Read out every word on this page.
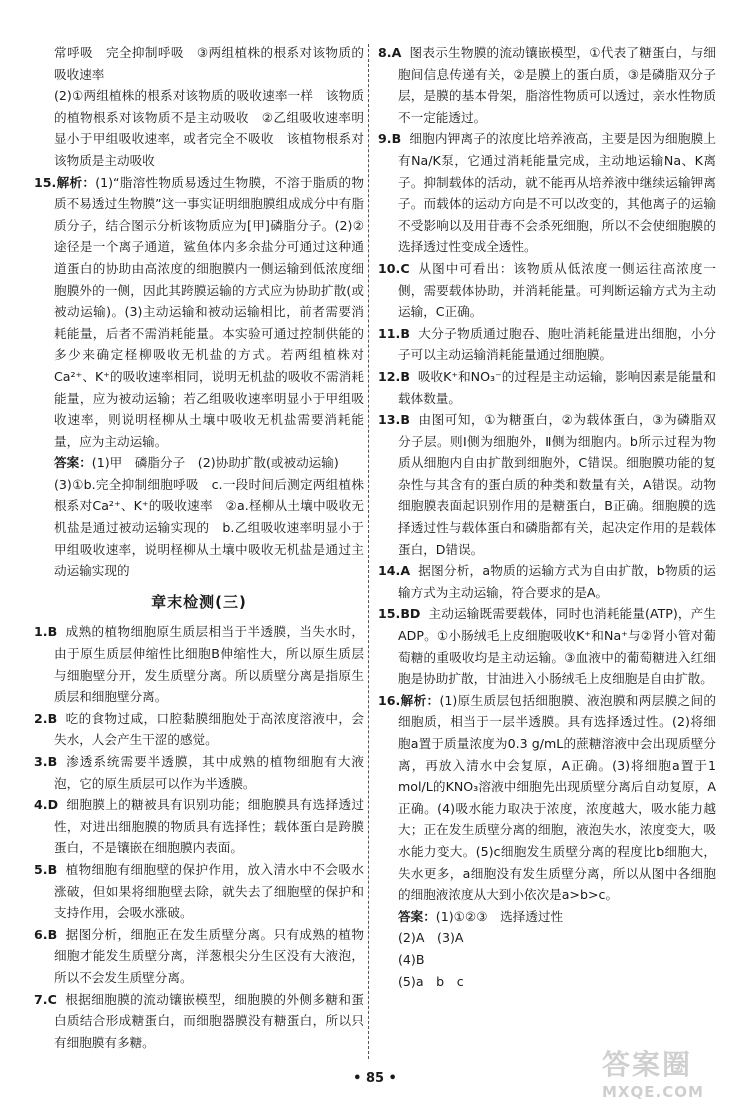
常呼吸　完全抑制呼吸　③两组植株的根系对该物质的吸收速率

(2)①两组植株的根系对该物质的吸收速率一样　该物质的植物根系对该物质不是主动吸收　②乙组吸收速率明显小于甲组吸收速率，或者完全不吸收　该植物根系对该物质是主动吸收

15.解析：(1)“脂溶性物质易透过生物膜，不溶于脂质的物质不易透过生物膜”这一事实证明细胞膜组成成分中有脂质分子，结合图示分析该物质应为[甲]磷脂分子。(2)②途径是一个离子通道，鲨鱼体内多余盐分可通过这种通道蛋白的协助由高浓度的细胞膜内一侧运输到低浓度细胞膜外的一侧，因此其跨膜运输的方式应为协助扩散(或被动运输)。(3)主动运输和被动运输相比，前者需要消耗能量，后者不需消耗能量。本实验可通过控制供能的多少来确定柽柳吸收无机盐的方式。若两组植株对Ca²⁺、K⁺的吸收速率相同，说明无机盐的吸收不需消耗能量，应为被动运输；若乙组吸收速率明显小于甲组吸收速率，则说明柽柳从土壤中吸收无机盐需要消耗能量，应为主动运输。

答案：(1)甲　磷脂分子　(2)协助扩散(或被动运输)

(3)①b.完全抑制细胞呼吸　c.一段时间后测定两组植株根系对Ca²⁺、K⁺的吸收速率　②a.柽柳从土壤中吸收无机盐是通过被动运输实现的　b.乙组吸收速率明显小于甲组吸收速率，说明柽柳从土壤中吸收无机盐是通过主动运输实现的

章末检测(三)

1.B 成熟的植物细胞原生质层相当于半透膜，当失水时，由于原生质层伸缩性比细胞B伸缩性大，所以原生质层与细胞壁分开，发生质壁分离。所以质壁分离是指原生质层和细胞壁分离。

2.B 吃的食物过咸，口腔黏膜细胞处于高浓度溶液中，会失水，人会产生干涩的感觉。

3.B 渗透系统需要半透膜，其中成熟的植物细胞有大液泡，它的原生质层可以作为半透膜。

4.D 细胞膜上的糖被具有识别功能；细胞膜具有选择透过性，对进出细胞膜的物质具有选择性；载体蛋白是跨膜蛋白，不是镶嵌在细胞膜内表面。

5.B 植物细胞有细胞壁的保护作用，放入清水中不会吸水涨破，但如果将细胞壁去除，就失去了细胞壁的保护和支持作用，会吸水涨破。

6.B 据图分析，细胞正在发生质壁分离。只有成熟的植物细胞才能发生质壁分离，洋葱根尖分生区没有大液泡，所以不会发生质壁分离。

7.C 根据细胞膜的流动镶嵌模型，细胞膜的外侧多糖和蛋白质结合形成糖蛋白，而细胞器膜没有糖蛋白，所以只有细胞膜有多糖。

8.A 图表示生物膜的流动镶嵌模型，①代表了糖蛋白，与细胞间信息传递有关，②是膜上的蛋白质，③是磷脂双分子层，是膜的基本骨架，脂溶性物质可以透过，亲水性物质不一定能透过。

9.B 细胞内钾离子的浓度比培养液高，主要是因为细胞膜上有Na/K泵，它通过消耗能量完成，主动地运输Na、K离子。抑制载体的活动，就不能再从培养液中继续运输钾离子。而载体的运动方向是不可以改变的，其他离子的运输不受影响以及用苷毒不会杀死细胞，所以不会使细胞膜的选择透过性变成全透性。

10.C 从图中可看出：该物质从低浓度一侧运往高浓度一侧，需要载体协助，并消耗能量。可判断运输方式为主动运输，C正确。

11.B 大分子物质通过胞吞、胞吐消耗能量进出细胞，小分子可以主动运输消耗能量通过细胞膜。

12.B 吸收K⁺和NO₃⁻的过程是主动运输，影响因素是能量和载体数量。

13.B 由图可知，①为糖蛋白，②为载体蛋白，③为磷脂双分子层。则Ⅰ侧为细胞外，Ⅱ侧为细胞内。b所示过程为物质从细胞内自由扩散到细胞外，C错误。细胞膜功能的复杂性与其含有的蛋白质的种类和数量有关，A错误。动物细胞膜表面起识别作用的是糖蛋白，B正确。细胞膜的选择透过性与载体蛋白和磷脂都有关，起决定作用的是载体蛋白，D错误。

14.A 据图分析，a物质的运输方式为自由扩散，b物质的运输方式为主动运输，符合要求的是A。

15.BD 主动运输既需要载体，同时也消耗能量(ATP)，产生ADP。①小肠绒毛上皮细胞吸收K⁺和Na⁺与②肾小管对葡萄糖的重吸收均是主动运输。③血液中的葡萄糖进入红细胞是协助扩散，甘油进入小肠绒毛上皮细胞是自由扩散。

16.解析：(1)原生质层包括细胞膜、液泡膜和两层膜之间的细胞质，相当于一层半透膜。具有选择透过性。(2)将细胞a置于质量浓度为0.3 g/mL的蔗糖溶液中会出现质壁分离，再放入清水中会复原，A正确。(3)将细胞a置于1 mol/L的KNO₃溶液中细胞先出现质壁分离后自动复原，A正确。(4)吸水能力取决于浓度，浓度越大，吸水能力越大；正在发生质壁分离的细胞，液泡失水，浓度变大，吸水能力变大。(5)c细胞发生质壁分离的程度比b细胞大，失水更多，a细胞没有发生质壁分离，所以从图中各细胞的细胞液浓度从大到小依次是a>b>c。

答案：(1)①②③　选择透过性

(2)A　(3)A

(4)B

(5)a　b　c

• 85 •	答案圈
MXQE.COM
